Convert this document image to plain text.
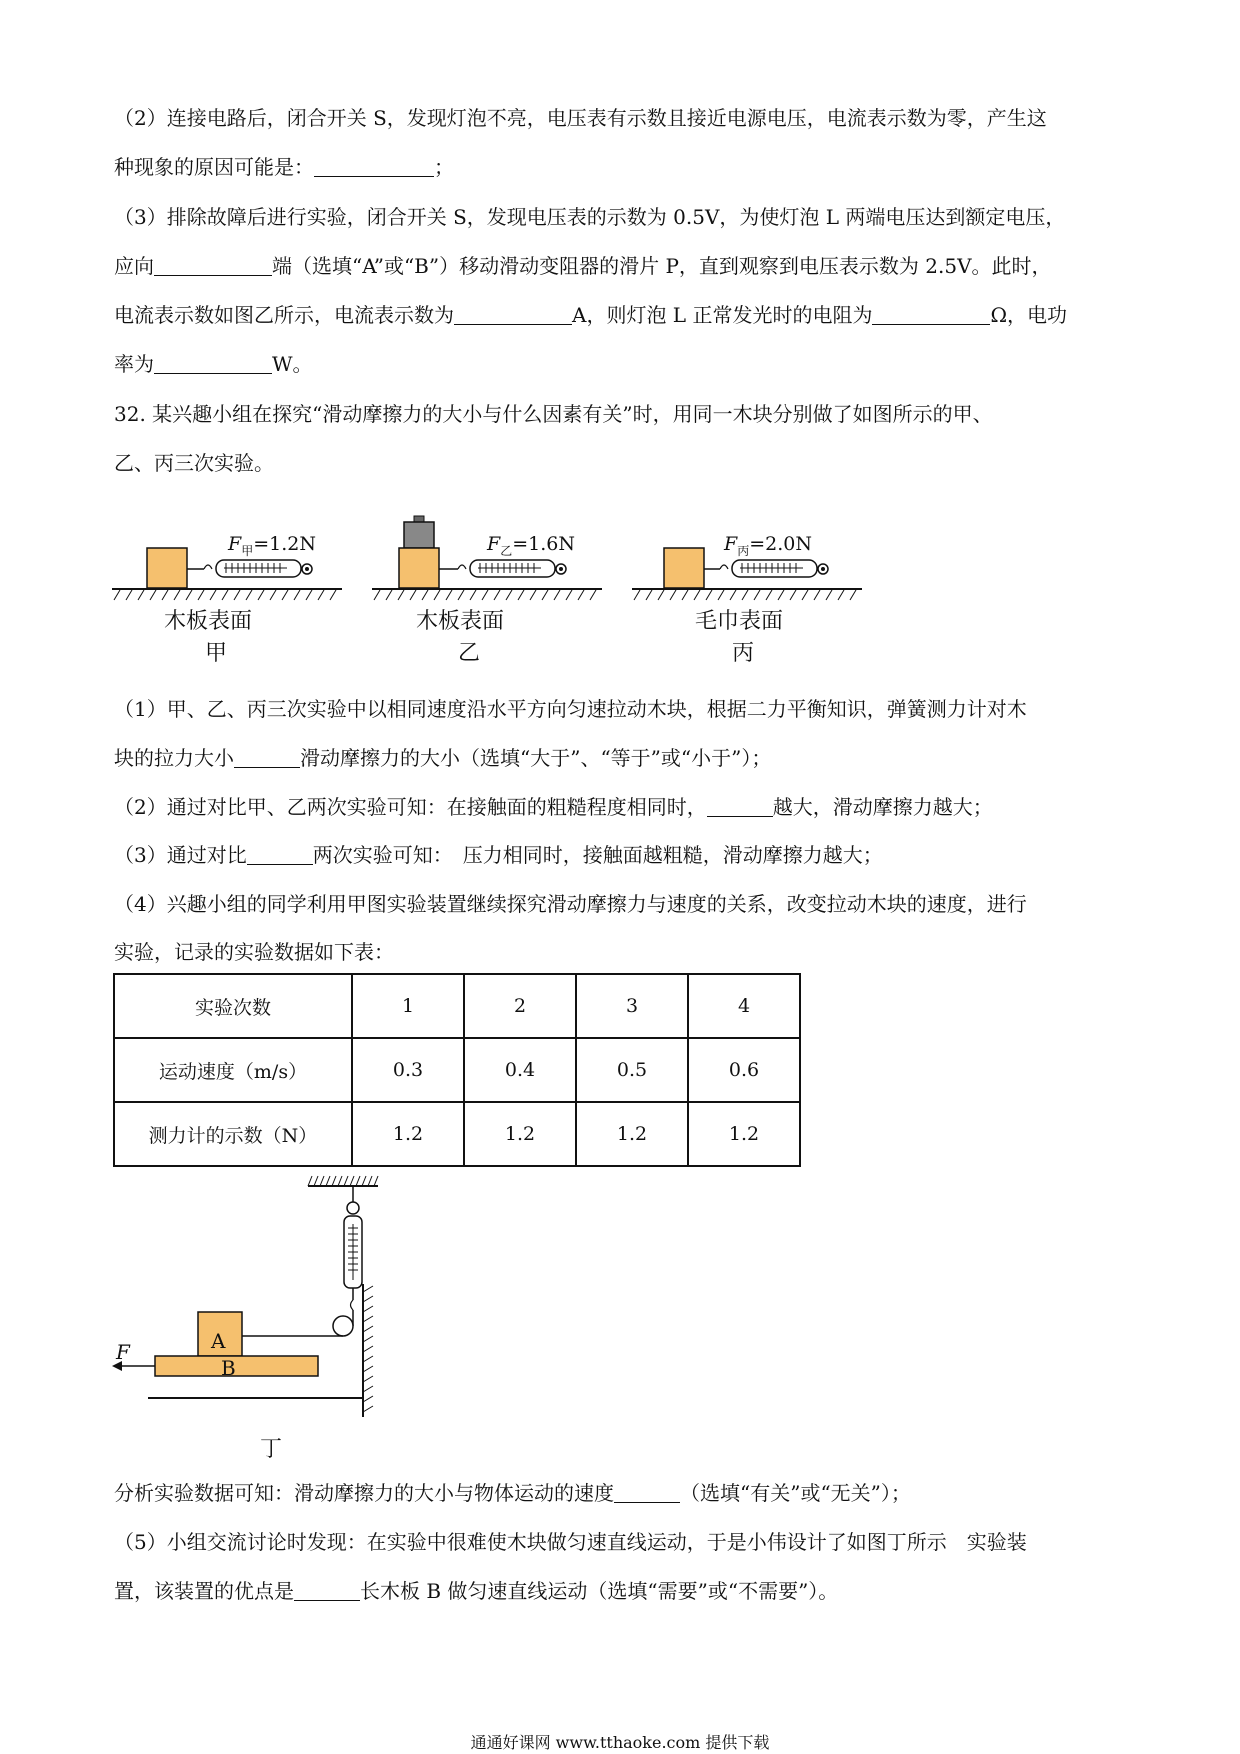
（2）连接电路后，闭合开关 S，发现灯泡不亮，电压表有示数且接近电源电压，电流表示数为零，产生这
种现象的原因可能是：	；
（3）排除故障后进行实验，闭合开关 S，发现电压表的示数为 0.5V，为使灯泡 L 两端电压达到额定电压，
应向	端（选填“A”或“B”）移动滑动变阻器的滑片 P，直到观察到电压表示数为 2.5V。此时，
电流表示数如图乙所示，电流表示数为	A，则灯泡 L 正常发光时的电阻为	Ω，电功
率为	W。
32. 某兴趣小组在探究“滑动摩擦力的大小与什么因素有关”时，用同一木块分别做了如图所示的甲、
乙、丙三次实验。
$F_甲=1.2N$
木板表面
甲
$F_乙=1.6N$
木板表面
乙
$F_丙=2.0N$
毛巾表面
丙
（1）甲、乙、丙三次实验中以相同速度沿水平方向匀速拉动木块，根据二力平衡知识，弹簧测力计对木
块的拉力大小	滑动摩擦力的大小（选填“大于”、“等于”或“小于”）；
（2）通过对比甲、乙两次实验可知：在接触面的粗糙程度相同时，	越大，滑动摩擦力越大；
（3）通过对比	两次实验可知：　压力相同时，接触面越粗糙，滑动摩擦力越大；
（4）兴趣小组的同学利用甲图实验装置继续探究滑动摩擦力与速度的关系，改变拉动木块的速度，进行
实验，记录的实验数据如下表：
实验次数	1	2	3	4
运动速度（m/s）	0.3	0.4	0.5	0.6
测力计的示数（N）	1.2	1.2	1.2	1.2
A
B
F
丁
分析实验数据可知：滑动摩擦力的大小与物体运动的速度	（选填“有关”或“无关”）；
（5）小组交流讨论时发现：在实验中很难使木块做匀速直线运动，于是小伟设计了如图丁所示　实验装
置，该装置的优点是	长木板 B 做匀速直线运动（选填“需要”或“不需要”）。
通通好课网 www.tthaoke.com 提供下载
